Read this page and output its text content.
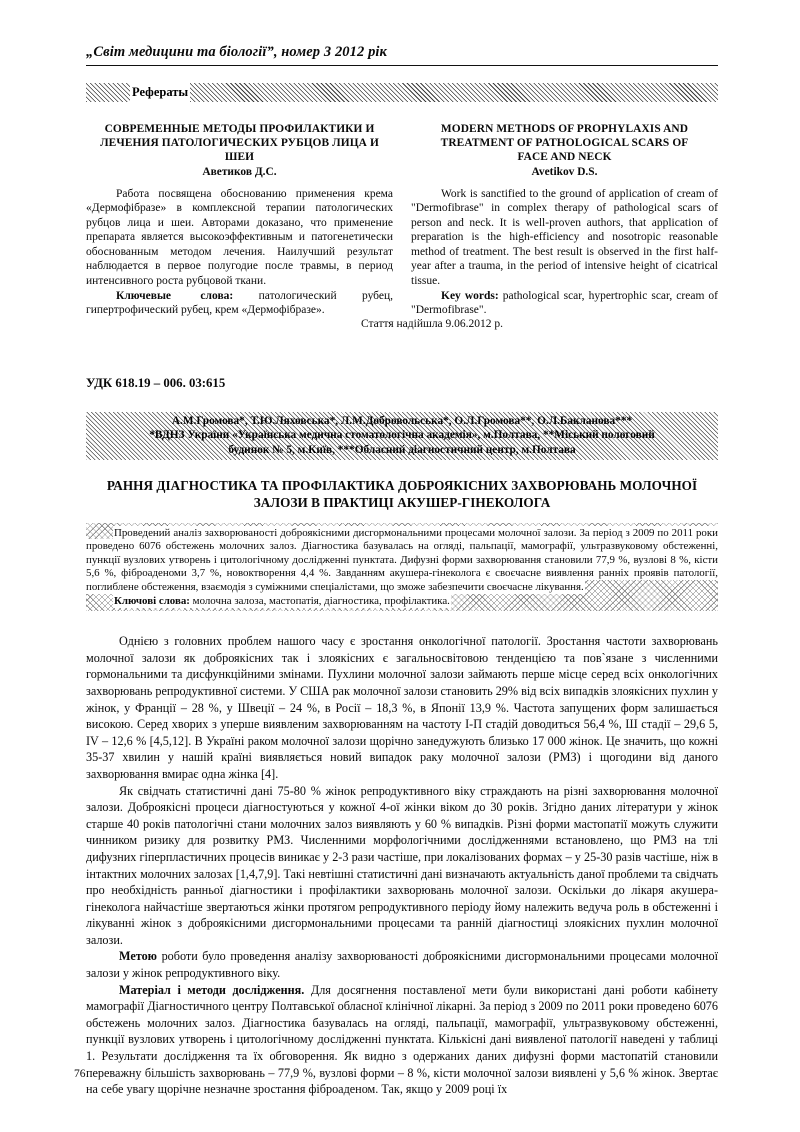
„Світ медицини та біології”, номер 3 2012 рік
Рефераты
СОВРЕМЕННЫЕ МЕТОДЫ ПРОФИЛАКТИКИ И
ЛЕЧЕНИЯ ПАТОЛОГИЧЕСКИХ РУБЦОВ ЛИЦА И ШЕИ
Аветиков Д.С.
Работа посвящена обоснованию применения крема «Дермофібразе» в комплексной терапии патологических рубцов лица и шеи. Авторами доказано, что применение препарата является высокоэффективным и патогенетически обоснованным методом лечения. Наилучший результат наблюдается в первое полугодие после травмы, в период интенсивного роста рубцовой ткани.
Ключевые слова: патологический рубец, гипертрофический рубец, крем «Дермофібразе».
MODERN METHODS OF PROPHYLAXIS AND
TREATMENT OF PATHOLOGICAL SCARS OF
FACE AND NECK
Avetikov D.S.
Work is sanctified to the ground of application of cream of "Dermofibrase" in complex therapy of pathological scars of person and neck. It is well-proven authors, that application of preparation is the high-efficiency and nosotropic reasonable method of treatment. The best result is observed in the first half-year after a trauma, in the period of intensive height of cicatrical tissue.
Key words: pathological scar, hypertrophic scar, cream of "Dermofibrase".
Стаття надійшла 9.06.2012 р.
УДК 618.19 – 006. 03:615
А.М.Громова*, Т.Ю.Ляховська*, Л.М.Добровольська*, О.Л.Громова**, О.Л.Бакланова***
*ВДНЗ України «Українська медична стоматологічна академія», м.Полтава, **Міський пологовий
будинок № 5, м.Київ, ***Обласний діагностичний центр, м.Полтава
РАННЯ ДІАГНОСТИКА ТА ПРОФІЛАКТИКА ДОБРОЯКІСНИХ ЗАХВОРЮВАНЬ МОЛОЧНОЇ
ЗАЛОЗИ В ПРАКТИЦІ АКУШЕР-ГІНЕКОЛОГА

Проведений аналіз захворюваності доброякісними дисгормональними процесами молочної залози. За період з 2009 по 2011 роки проведено 6076 обстежень молочних залоз. Діагностика базувалась на огляді, пальпації, мамографії, ультразвуковому обстеженні, пункції вузлових утворень і цитологічному дослідженні пунктата. Дифузні форми захворювання становили 77,9 %, вузлові 8 %, кісти 5,6 %, фіброаденоми 3,7 %, новоктворення 4,4 %. Завданням акушера-гінеколога є своєчасне виявлення ранніх проявів патології, поглиблене обстеження, взаємодія з суміжними спеціалістами, що зможе забезпечити своєчасне лікування.

Ключові слова: молочна залоза, мастопатія, діагностика, профілактика.

Однією з головних проблем нашого часу є зростання онкологічної патології. Зростання частоти захворювань молочної залози як доброякісних так і злоякісних є загальносвітовою тенденцією та пов`язане з численними гормональними та дисфункційними змінами. Пухлини молочної залози займають перше місце серед всіх онкологічних захворювань репродуктивної системи. У США рак молочної залози становить 29% від всіх випадків злоякісних пухлин у жінок, у Франції – 28 %, у Швеції – 24 %, в Росії – 18,3 %, в Японії 13,9 %. Частота запущених форм залишається високою. Серед хворих з уперше виявленим захворюванням на частоту І-П стадій доводиться 56,4 %, Ш стадії – 29,6 5, IV – 12,6 % [4,5,12]. В Україні раком молочної залози щорічно занедужують близько 17 000 жінок. Це значить, що кожні 35-37 хвилин у нашій країні виявляється новий випадок раку молочної залози (РМЗ) і щогодини від даного захворювання вмирає одна жінка [4].

Як свідчать статистичні дані 75-80 % жінок репродуктивного віку страждають на різні захворювання молочної залози. Доброякісні процеси діагностуються у кожної 4-ої жінки віком до 30 років. Згідно даних літератури у жінок старше 40 років патологічні стани молочних залоз виявляють у 60 % випадків. Різні форми мастопатії можуть служити чинником ризику для розвитку РМЗ. Численними морфологічними дослідженнями встановлено, що РМЗ на тлі дифузних гіперпластичних процесів виникає у 2-3 рази частіше, при локалізованих формах – у 25-30 разів частіше, ніж в інтактних молочних залозах [1,4,7,9]. Такі невтішні статистичні дані визначають актуальність даної проблеми та свідчать про необхідність ранньої діагностики і профілактики захворювань молочної залози. Оскільки до лікаря акушера-гінеколога найчастіше звертаються жінки протягом репродуктивного періоду йому належить ведуча роль в обстеженні і лікуванні жінок з доброякісними дисгормональними процесами та ранній діагностиці злоякісних пухлин молочної залози.

Метою роботи було проведення аналізу захворюваності доброякісними дисгормональними процесами молочної залози у жінок репродуктивного віку.

Матеріал і методи дослідження. Для досягнення поставленої мети були використані дані роботи кабінету мамографії Діагностичного центру Полтавської обласної клінічної лікарні. За період з 2009 по 2011 роки проведено 6076 обстежень молочних залоз. Діагностика базувалась на огляді, пальпації, мамографії, ультразвуковому обстеженні, пункції вузлових утворень і цитологічному дослідженні пунктата. Кількісні дані виявленої патології наведені у таблиці 1. Результати дослідження та їх обговорення. Як видно з одержаних даних дифузні форми мастопатій становили переважну більшість захворювань – 77,9 %, вузлові форми – 8 %, кісти молочної залози виявлені у 5,6 % жінок. Звертає на себе увагу щорічне незначне зростання фіброаденом. Так, якщо у 2009 році їх

76
